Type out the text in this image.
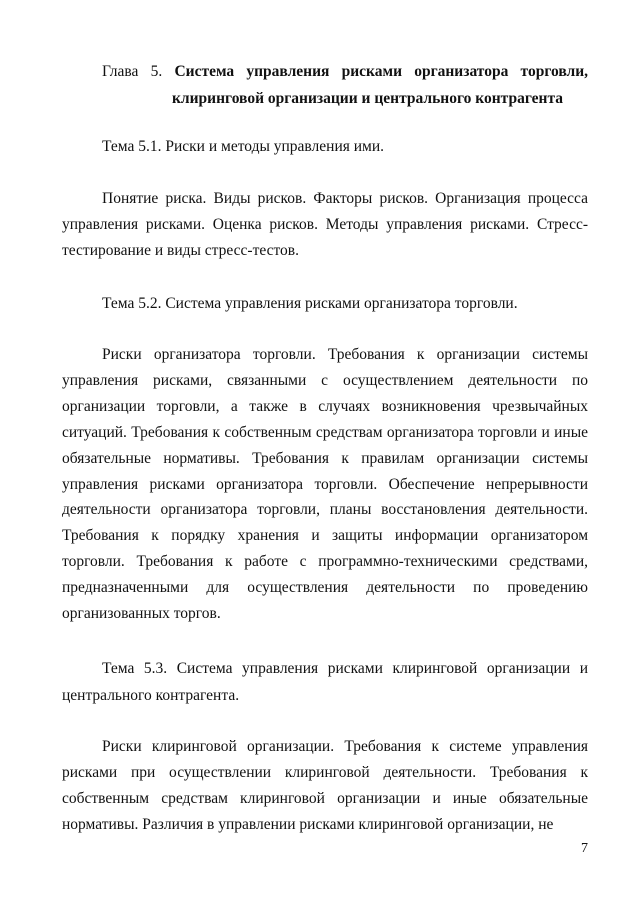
Глава 5. Система управления рисками организатора торговли,
клиринговой организации и центрального контрагента
Тема 5.1. Риски и методы управления ими.
Понятие риска. Виды рисков. Факторы рисков. Организация процесса управления рисками. Оценка рисков. Методы управления рисками. Стресс-тестирование и виды стресс-тестов.
Тема 5.2. Система управления рисками организатора торговли.
Риски организатора торговли. Требования к организации системы управления рисками, связанными с осуществлением деятельности по организации торговли, а также в случаях возникновения чрезвычайных ситуаций. Требования к собственным средствам организатора торговли и иные обязательные нормативы. Требования к правилам организации системы управления рисками организатора торговли. Обеспечение непрерывности деятельности организатора торговли, планы восстановления деятельности. Требования к порядку хранения и защиты информации организатором торговли. Требования к работе с программно-техническими средствами, предназначенными для осуществления деятельности по проведению организованных торгов.
Тема 5.3. Система управления рисками клиринговой организации и центрального контрагента.
Риски клиринговой организации. Требования к системе управления рисками при осуществлении клиринговой деятельности. Требования к собственным средствам клиринговой организации и иные обязательные нормативы. Различия в управлении рисками клиринговой организации, не
7
